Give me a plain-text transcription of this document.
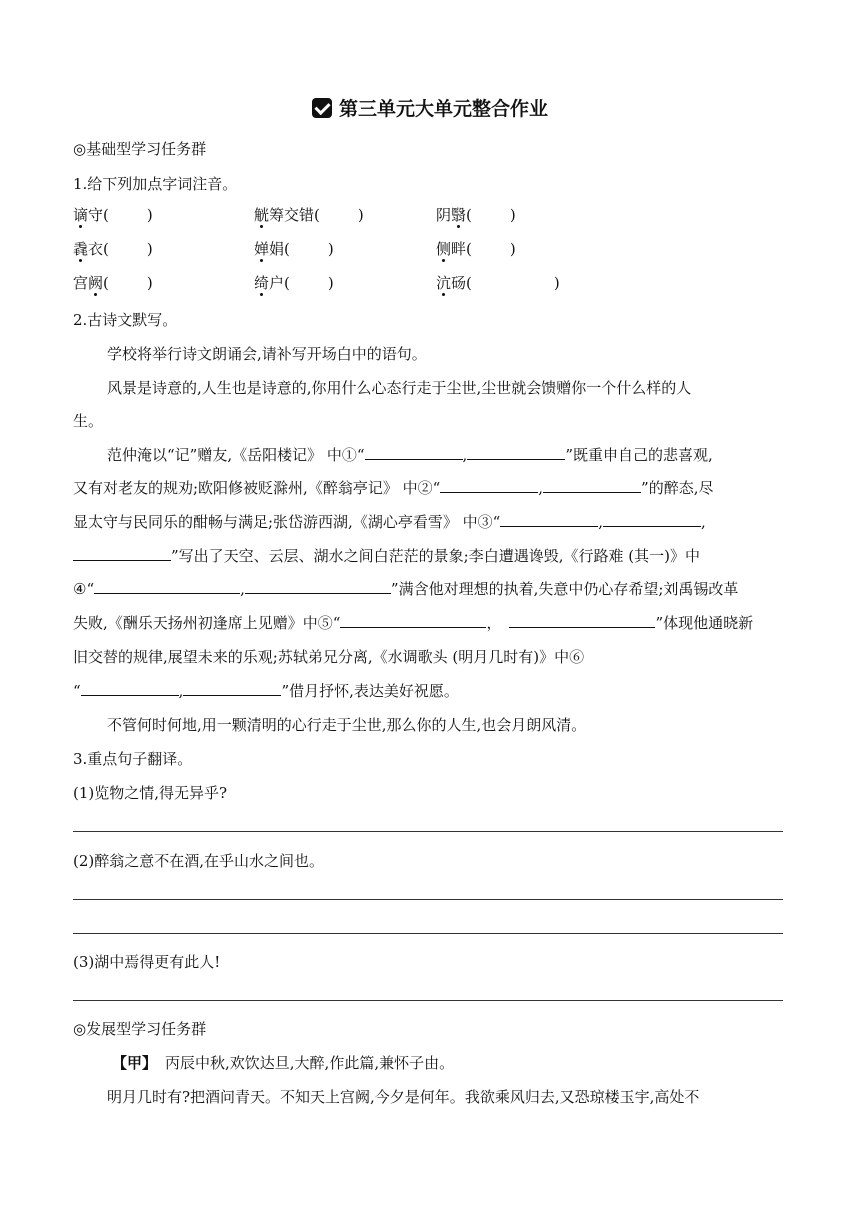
第三单元大单元整合作业
◎基础型学习任务群
1.给下列加点字词注音。
谪守(	)	觥筹交错(	)	阴翳(	)
毳衣(	)	婵娟(	)	侧畔(	)
宫阙(	)	绮户(	)	沆砀(	)
2.古诗文默写。
学校将举行诗文朗诵会,请补写开场白中的语句。
风景是诗意的,人生也是诗意的,你用什么心态行走于尘世,尘世就会馈赠你一个什么样的人
生。
范仲淹以“记”赠友,《岳阳楼记》 中①“	,	”既重申自己的悲喜观,
又有对老友的规劝;欧阳修被贬滁州,《醉翁亭记》 中②“	,	”的醉态,尽
显太守与民同乐的酣畅与满足;张岱游西湖,《湖心亭看雪》 中③“	,	,
”写出了天空、云层、湖水之间白茫茫的景象;李白遭遇谗毁,《行路难 (其一)》中
④“	,	”满含他对理想的执着,失意中仍心存希望;刘禹锡改革
失败,《酬乐天扬州初逢席上见赠》中⑤“	，	”体现他通晓新
旧交替的规律,展望未来的乐观;苏轼弟兄分离,《水调歌头 (明月几时有)》中⑥
“	,	”借月抒怀,表达美好祝愿。
不管何时何地,用一颗清明的心行走于尘世,那么你的人生,也会月朗风清。
3.重点句子翻译。
(1)览物之情,得无异乎?
(2)醉翁之意不在酒,在乎山水之间也。
(3)湖中焉得更有此人!
◎发展型学习任务群
【甲】 丙辰中秋,欢饮达旦,大醉,作此篇,兼怀子由。
明月几时有?把酒问青天。不知天上宫阙,今夕是何年。我欲乘风归去,又恐琼楼玉宇,高处不
